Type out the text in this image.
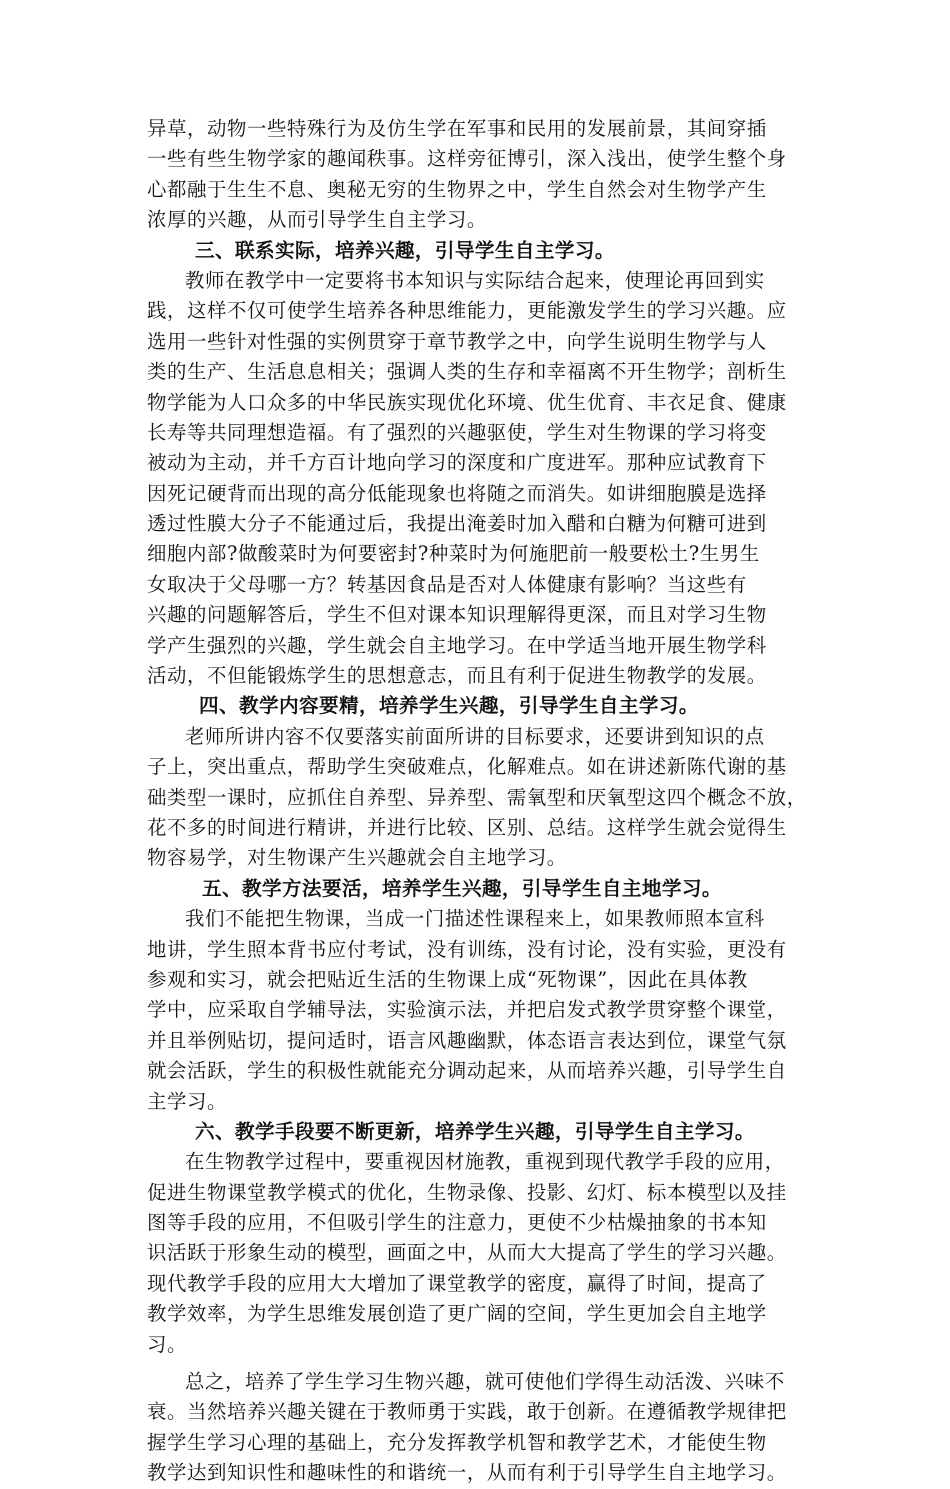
异草，动物一些特殊行为及仿生学在军事和民用的发展前景，其间穿插
一些有些生物学家的趣闻秩事。这样旁征博引，深入浅出，使学生整个身
心都融于生生不息、奥秘无穷的生物界之中，学生自然会对生物学产生
浓厚的兴趣，从而引导学生自主学习。
三、联系实际，培养兴趣，引导学生自主学习。
教师在教学中一定要将书本知识与实际结合起来，使理论再回到实
践，这样不仅可使学生培养各种思维能力，更能激发学生的学习兴趣。应
选用一些针对性强的实例贯穿于章节教学之中，向学生说明生物学与人
类的生产、生活息息相关；强调人类的生存和幸福离不开生物学；剖析生
物学能为人口众多的中华民族实现优化环境、优生优育、丰衣足食、健康
长寿等共同理想造福。有了强烈的兴趣驱使，学生对生物课的学习将变
被动为主动，并千方百计地向学习的深度和广度进军。那种应试教育下
因死记硬背而出现的高分低能现象也将随之而消失。如讲细胞膜是选择
透过性膜大分子不能通过后，我提出淹姜时加入醋和白糖为何糖可进到
细胞内部?做酸菜时为何要密封?种菜时为何施肥前一般要松土?生男生
女取决于父母哪一方？转基因食品是否对人体健康有影响？当这些有
兴趣的问题解答后，学生不但对课本知识理解得更深，而且对学习生物
学产生强烈的兴趣，学生就会自主地学习。在中学适当地开展生物学科
活动，不但能锻炼学生的思想意志，而且有利于促进生物教学的发展。
四、教学内容要精，培养学生兴趣，引导学生自主学习。
老师所讲内容不仅要落实前面所讲的目标要求，还要讲到知识的点
子上，突出重点，帮助学生突破难点，化解难点。如在讲述新陈代谢的基
础类型一课时，应抓住自养型、异养型、需氧型和厌氧型这四个概念不放，
花不多的时间进行精讲，并进行比较、区别、总结。这样学生就会觉得生
物容易学，对生物课产生兴趣就会自主地学习。
五、教学方法要活，培养学生兴趣，引导学生自主地学习。
我们不能把生物课，当成一门描述性课程来上，如果教师照本宣科
地讲，学生照本背书应付考试，没有训练，没有讨论，没有实验，更没有
参观和实习，就会把贴近生活的生物课上成“死物课”，因此在具体教
学中，应采取自学辅导法，实验演示法，并把启发式教学贯穿整个课堂，
并且举例贴切，提问适时，语言风趣幽默，体态语言表达到位，课堂气氛
就会活跃，学生的积极性就能充分调动起来，从而培养兴趣，引导学生自
主学习。
六、教学手段要不断更新，培养学生兴趣，引导学生自主学习。
在生物教学过程中，要重视因材施教，重视到现代教学手段的应用，
促进生物课堂教学模式的优化，生物录像、投影、幻灯、标本模型以及挂
图等手段的应用，不但吸引学生的注意力，更使不少枯燥抽象的书本知
识活跃于形象生动的模型，画面之中，从而大大提高了学生的学习兴趣。
现代教学手段的应用大大增加了课堂教学的密度，赢得了时间，提高了
教学效率，为学生思维发展创造了更广阔的空间，学生更加会自主地学
习。
总之，培养了学生学习生物兴趣，就可使他们学得生动活泼、兴味不
衰。当然培养兴趣关键在于教师勇于实践，敢于创新。在遵循教学规律把
握学生学习心理的基础上，充分发挥教学机智和教学艺术，才能使生物
教学达到知识性和趣味性的和谐统一，从而有利于引导学生自主地学习。
